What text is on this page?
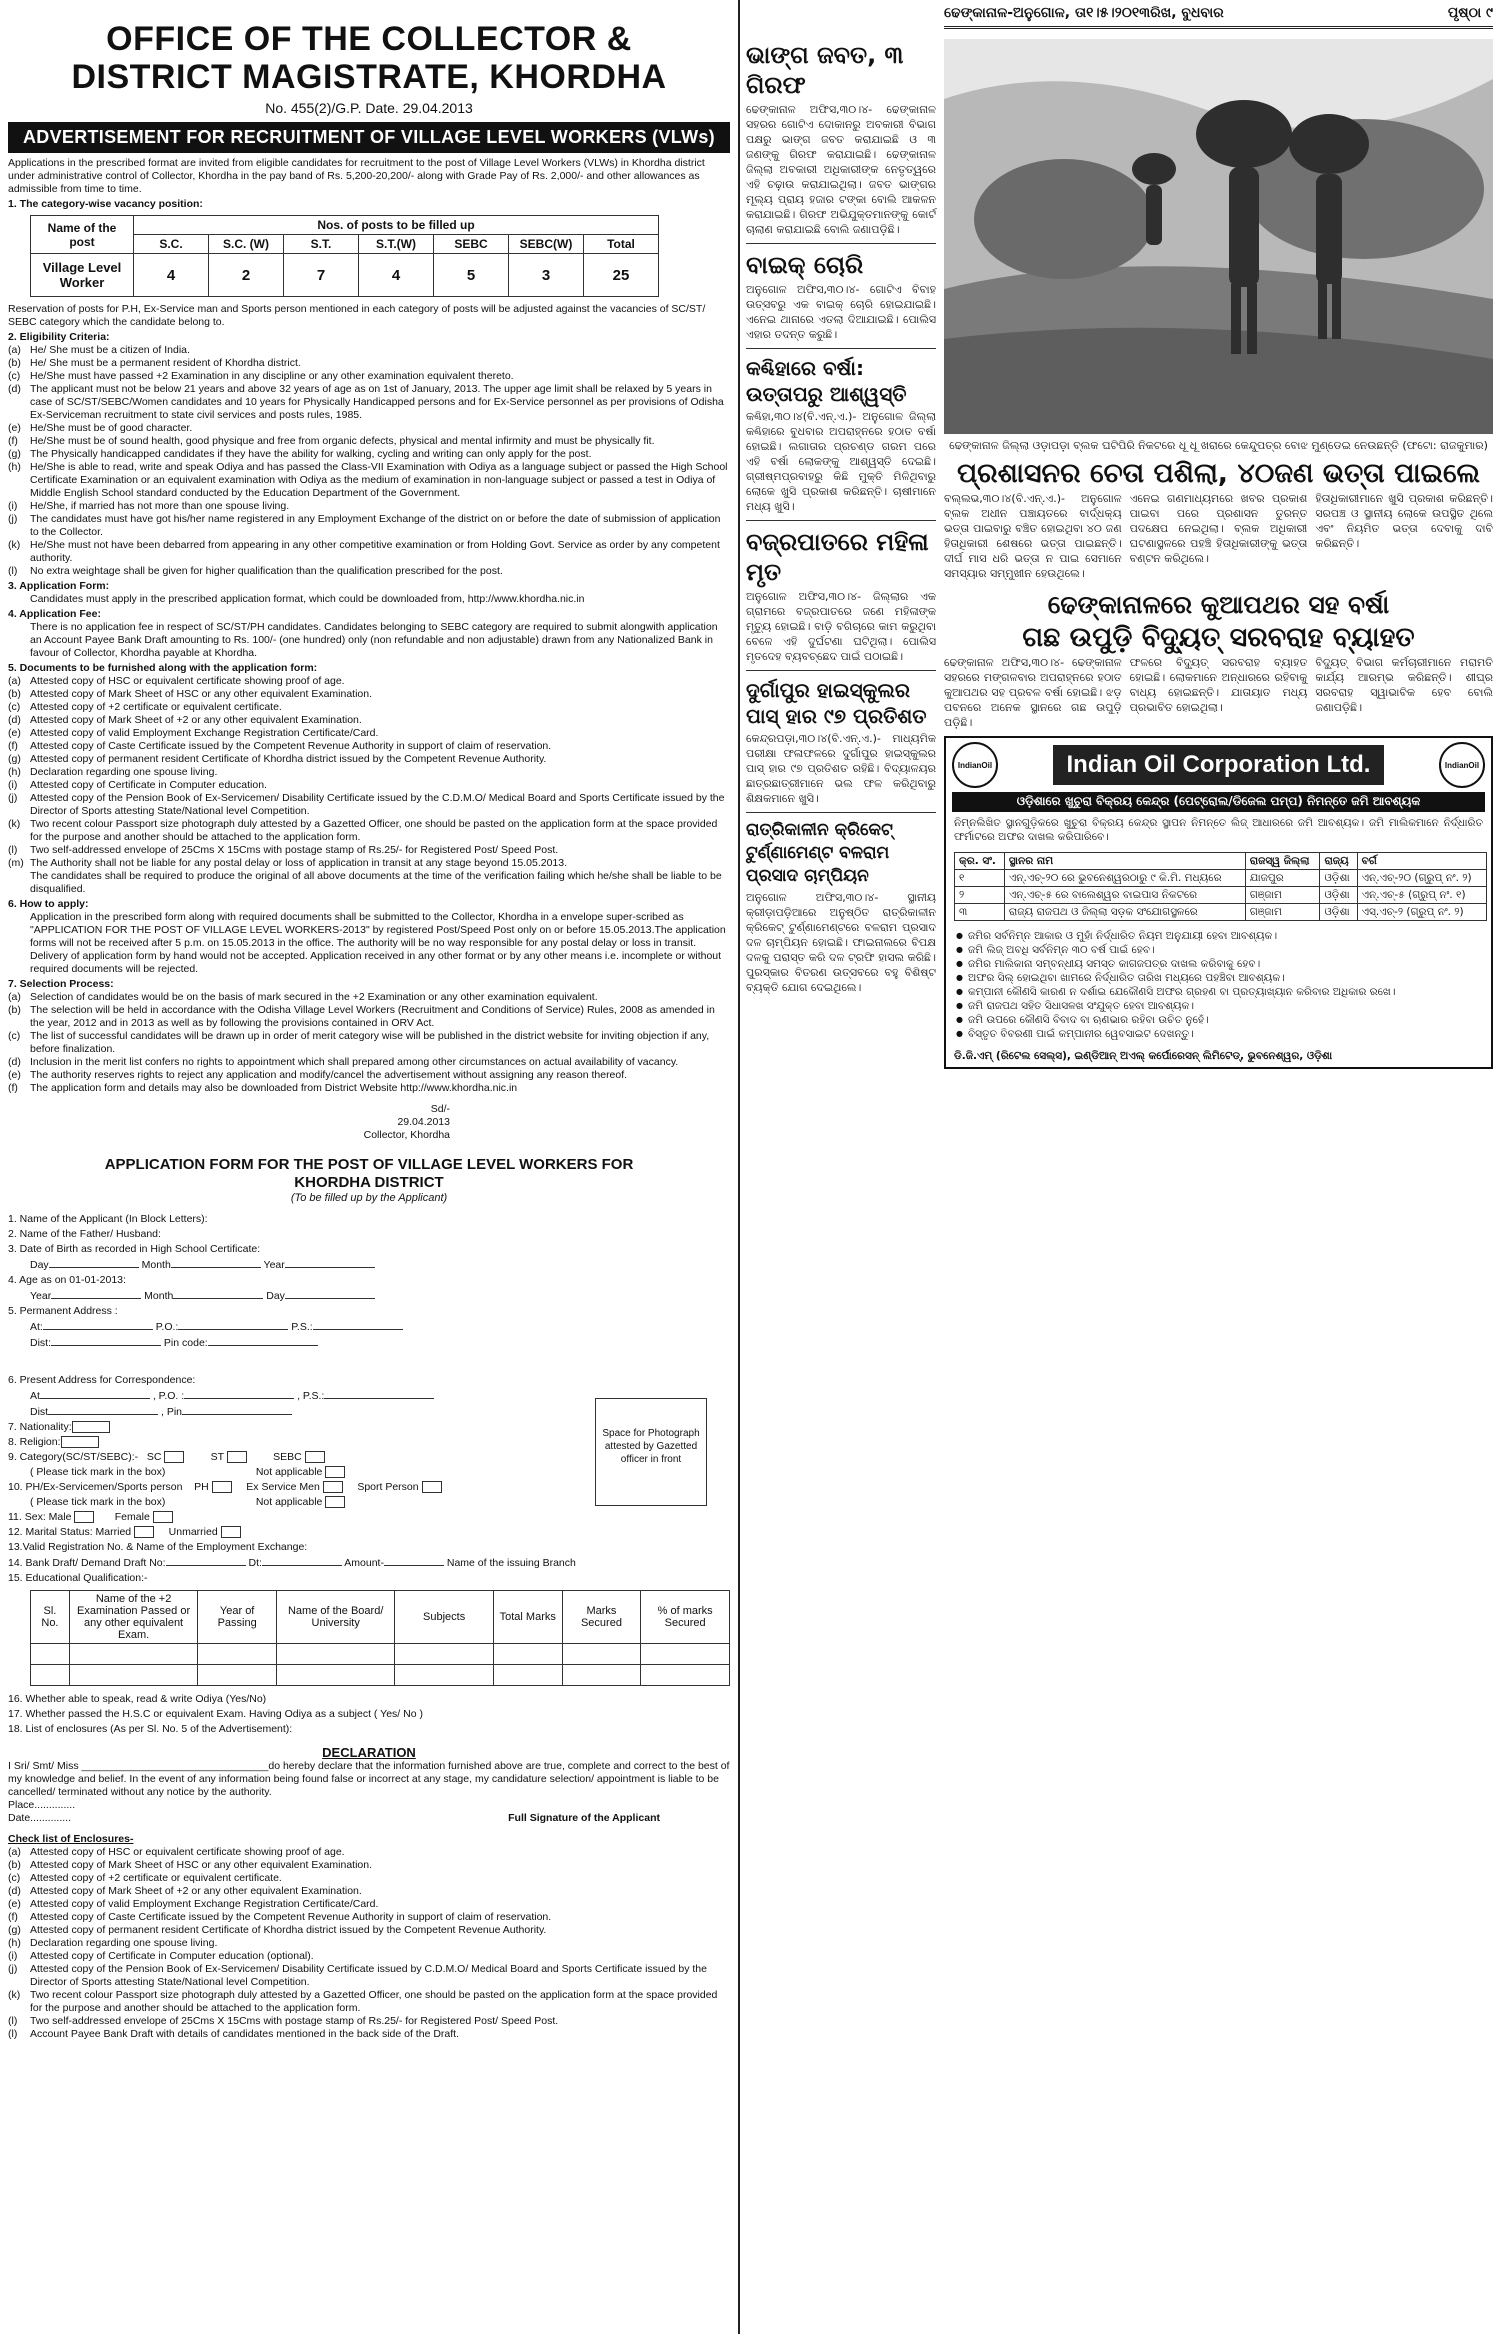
OFFICE OF THE COLLECTOR &
DISTRICT MAGISTRATE, KHORDHA
No. 455(2)/G.P. Date. 29.04.2013
ADVERTISEMENT FOR RECRUITMENT OF VILLAGE LEVEL WORKERS (VLWs)

Applications in the prescribed format are invited from eligible candidates for recruitment to the post of Village Level Workers (VLWs) in Khordha district under administrative control of Collector, Khordha in the pay band of Rs. 5,200-20,200/- along with Grade Pay of Rs. 2,000/- and other allowances as admissible from time to time.

1. The category-wise vacancy position:
Name of the post	Nos. of posts to be filled up						
	S.C.	S.C. (W)	S.T.	S.T.(W)	SEBC	SEBC(W)	Total
Village Level Worker	4	2	7	4	5	3	25

Reservation of posts for P.H, Ex-Service man and Sports person mentioned in each category of posts will be adjusted against the vacancies of SC/ST/ SEBC category which the candidate belong to.

2. Eligibility Criteria:
(a) He/ She must be a citizen of India.
(b) He/ She must be a permanent resident of Khordha district.
(c) He/She must have passed +2 Examination in any discipline or any other examination equivalent thereto.
(d) The applicant must not be below 21 years and above 32 years of age as on 1st of January, 2013. The upper age limit shall be relaxed by 5 years in case of SC/ST/SEBC/Women candidates and 10 years for Physically Handicapped persons and for Ex-Service personnel as per provisions of Odisha Ex-Serviceman recruitment to state civil services and posts rules, 1985.
(e) He/She must be of good character.
(f)	He/She must be of sound health, good physique and free from organic defects, physical and mental infirmity and must be physically fit.
(g) The Physically handicapped candidates if they have the ability for walking, cycling and writing can only apply for the post.
(h) He/She is able to read, write and speak Odiya and has passed the Class-VII Examination with Odiya as a language subject or passed the High School Certificate Examination or an equivalent examination with Odiya as the medium of examination in non-language subject or passed a test in Odiya of Middle English School standard conducted by the Education Department of the Government.
(i)	He/She, if married has not more than one spouse living.
(j)	The candidates must have got his/her name registered in any Employment Exchange of the district on or before the date of submission of application to the Collector.
(k) He/She must not have been debarred from appearing in any other competitive examination or from Holding Govt. Service as order by any competent authority.
(l)	No extra weightage shall be given for higher qualification than the qualification prescribed for the post.
3. Application Form:
Candidates must apply in the prescribed application format, which could be downloaded from, http://www.khordha.nic.in
4. Application Fee:
There is no application fee in respect of SC/ST/PH candidates. Candidates belonging to SEBC category are required to submit alongwith application an Account Payee Bank Draft amounting to Rs. 100/- (one hundred) only (non refundable and non adjustable) drawn from any Nationalized Bank in favour of Collector, Khordha payable at Khordha.
5. Documents to be furnished along with the application form:
(a) Attested copy of HSC or equivalent certificate showing proof of age.
(b) Attested copy of Mark Sheet of HSC or any other equivalent Examination.
(c) Attested copy of +2 certificate or equivalent certificate.
(d) Attested copy of Mark Sheet of +2 or any other equivalent Examination.
(e) Attested copy of valid Employment Exchange Registration Certificate/Card.
(f)	Attested copy of Caste Certificate issued by the Competent Revenue Authority in support of claim of reservation.
(g) Attested copy of permanent resident Certificate of Khordha district issued by the Competent Revenue Authority.
(h) Declaration regarding one spouse living.
(i)	Attested copy of Certificate in Computer education.
(j)	Attested copy of the Pension Book of Ex-Servicemen/ Disability Certificate issued by the C.D.M.O/ Medical Board and Sports Certificate issued by the Director of Sports attesting State/National level Competition.
(k) Two recent colour Passport size photograph duly attested by a Gazetted Officer, one should be pasted on the application form at the space provided for the purpose and another should be attached to the application form.
(l)	Two self-addressed envelope of 25Cms X 15Cms with postage stamp of Rs.25/- for Registered Post/ Speed Post.
(m) The Authority shall not be liable for any postal delay or loss of application in transit at any stage beyond 15.05.2013.
The candidates shall be required to produce the original of all above documents at the time of the verification failing which he/she shall be liable to be disqualified.
6. How to apply:
Application in the prescribed form along with required documents shall be submitted to the Collector, Khordha in a envelope super-scribed as "APPLICATION FOR THE POST OF VILLAGE LEVEL WORKERS-2013" by registered Post/Speed Post only on or before 15.05.2013.The application forms will not be received after 5 p.m. on 15.05.2013 in the office. The authority will be no way responsible for any postal delay or loss in transit. Delivery of application form by hand would not be accepted. Application received in any other format or by any other means i.e. incomplete or without required documents will be rejected.
7. Selection Process:
(a) Selection of candidates would be on the basis of mark secured in the +2 Examination or any other examination equivalent.
(b) The selection will be held in accordance with the Odisha Village Level Workers (Recruitment and Conditions of Service) Rules, 2008 as amended in the year, 2012 and in 2013 as well as by following the provisions contained in ORV Act.
(c) The list of successful candidates will be drawn up in order of merit category wise will be published in the district website for inviting objection if any, before finalization.
(d) Inclusion in the merit list confers no rights to appointment which shall prepared among other circumstances on actual availability of vacancy.
(e) The authority reserves rights to reject any application and modify/cancel the advertisement without assigning any reason thereof.
(f)	The application form and details may also be downloaded from District Website http://www.khordha.nic.in
Sd/-
29.04.2013
Collector, Khordha
APPLICATION FORM FOR THE POST OF VILLAGE LEVEL WORKERS FOR
KHORDHA DISTRICT
(To be filled up by the Applicant)
1. Name of the Applicant (In Block Letters):
2. Name of the Father/ Husband:
3. Date of Birth as recorded in High School Certificate:
Day	Month	Year
4. Age as on 01-01-2013:
Year	Month	Day
5. Permanent Address :
At:	P.O.:	P.S.:
Dist:	Pin code:
6. Present Address for Correspondence:
At	, P.O. :	, P.S.:
Dist	, Pin
7. Nationality:
8. Religion:
9. Category(SC/ST/SEBC):- SC	ST	SEBC
( Please tick mark in the box)	Not applicable
10. PH/Ex-Servicemen/Sports person PH	Ex Service Men	Sport Person
( Please tick mark in the box)	Not applicable
11. Sex: Male	Female
12. Marital Status: Married	Unmarried
13.Valid Registration No. & Name of the Employment Exchange:
14. Bank Draft/ Demand Draft No:	Dt:	Amount-	Name of the issuing Branch
15. Educational Qualification:-
Space for Photograph attested by Gazetted officer in front
Sl. No.	Name of the +2 Examination Passed or any other equivalent Exam.	Year of Passing	Name of the Board/ University	Subjects	Total Marks	Marks Secured	% of marks Secured

16. Whether able to speak, read & write Odiya (Yes/No)
17. Whether passed the H.S.C or equivalent Exam. Having Odiya as a subject ( Yes/ No )
18. List of enclosures (As per Sl. No. 5 of the Advertisement):
DECLARATION

I Sri/ Smt/ Miss ________________________________do hereby declare that the information furnished above are true, complete and correct to the best of my knowledge and belief. In the event of any information being found false or incorrect at any stage, my candidature selection/ appointment is liable to be cancelled/ terminated without any notice by the authority.

Place..............
Date..............	Full Signature of the Applicant
Check list of Enclosures-
(a) Attested copy of HSC or equivalent certificate showing proof of age.
(b) Attested copy of Mark Sheet of HSC or any other equivalent Examination.
(c) Attested copy of +2 certificate or equivalent certificate.
(d) Attested copy of Mark Sheet of +2 or any other equivalent Examination.
(e) Attested copy of valid Employment Exchange Registration Certificate/Card.
(f)	Attested copy of Caste Certificate issued by the Competent Revenue Authority in support of claim of reservation.
(g) Attested copy of permanent resident Certificate of Khordha district issued by the Competent Revenue Authority.
(h) Declaration regarding one spouse living.
(i)	Attested copy of Certificate in Computer education (optional).
(j)	Attested copy of the Pension Book of Ex-Servicemen/ Disability Certificate issued by C.D.M.O/ Medical Board and Sports Certificate issued by the Director of Sports attesting State/National level Competition.
(k) Two recent colour Passport size photograph duly attested by a Gazetted Officer, one should be pasted on the application form at the space provided for the purpose and another should be attached to the application form.
(l)	Two self-addressed envelope of 25Cms X 15Cms with postage stamp of Rs.25/- for Registered Post/ Speed Post.
(l)	Account Payee Bank Draft with details of candidates mentioned in the back side of the Draft.
ଭାଙ୍ଗ ଜବତ, ୩ ଗିରଫ

ଢେଙ୍କାନାଳ ଅଫିସ,୩୦।୪- ଢେଙ୍କାନାଳ ସହରର ଗୋଟିଏ ଦୋକାନରୁ ଅବକାରୀ ବିଭାଗ ପକ୍ଷରୁ ଭାଙ୍ଗ ଜବତ କରାଯାଇଛି ଓ ୩ ଜଣଙ୍କୁ ଗିରଫ କରାଯାଇଛି। ଢେଙ୍କାନାଳ ଜିଲ୍ଲା ଅବକାରୀ ଅଧିକାରୀଙ୍କ ନେତୃତ୍ୱରେ ଏହି ଚଢ଼ାଉ କରାଯାଇଥିଲା। ଜବତ ଭାଙ୍ଗର ମୂଲ୍ୟ ପ୍ରାୟ ହଜାର ଟଙ୍କା ବୋଲି ଆକଳନ କରାଯାଇଛି। ଗିରଫ ଅଭିଯୁକ୍ତମାନଙ୍କୁ କୋର୍ଟ ଚାଲାଣ କରାଯାଇଛି ବୋଲି ଜଣାପଡ଼ିଛି।

ବାଇକ୍ ଚୋରି

ଅନୁଗୋଳ ଅଫିସ,୩୦।୪- ଗୋଟିଏ ବିବାହ ଉତ୍ସବରୁ ଏକ ବାଇକ୍ ଚୋରି ହୋଇଯାଇଛି। ଏନେଇ ଥାନାରେ ଏତଲା ଦିଆଯାଇଛି। ପୋଲିସ ଏହାର ତଦନ୍ତ କରୁଛି।

କଣ୍ଢିହାରେ ବର୍ଷା: ଉତ୍ତାପରୁ ଆଶ୍ୱସ୍ତି

କଣ୍ଢିହା,୩୦।୪(ବି.ଏନ୍.ଏ.)- ଅନୁଗୋଳ ଜିଲ୍ଲା କଣ୍ଢିହାରେ ବୁଧବାର ଅପରାହ୍ନରେ ହଠାତ ବର୍ଷା ହୋଇଛି। ଲଗାତାର ପ୍ରଚଣ୍ଡ ଗରମ ପରେ ଏହି ବର୍ଷା ଲୋକଙ୍କୁ ଆଶ୍ୱସ୍ତି ଦେଇଛି। ଗ୍ରୀଷ୍ମପ୍ରବାହରୁ କିଛି ମୁକ୍ତି ମିଳିଥିବାରୁ ଲୋକେ ଖୁସି ପ୍ରକାଶ କରିଛନ୍ତି। ଚାଷୀମାନେ ମଧ୍ୟ ଖୁସି।

ବଜ୍ରପାତରେ ମହିଳା ମୃତ

ଅନୁଗୋଳ ଅଫିସ,୩୦।୪- ଜିଲ୍ଲାର ଏକ ଗ୍ରାମରେ ବଜ୍ରପାତରେ ଜଣେ ମହିଳାଙ୍କ ମୃତ୍ୟୁ ହୋଇଛି। ବାଡ଼ି ବଗିଚାରେ କାମ କରୁଥିବା ବେଳେ ଏହି ଦୁର୍ଘଟଣା ଘଟିଥିଲା। ପୋଲିସ ମୃତଦେହ ବ୍ୟବଚ୍ଛେଦ ପାଇଁ ପଠାଇଛି।

ଦୁର୍ଗାପୁର ହାଇସ୍କୁଲର ପାସ୍ ହାର ୯୭ ପ୍ରତିଶତ

କେନ୍ଦ୍ରପଡ଼ା,୩୦।୪(ବି.ଏନ୍.ଏ.)- ମାଧ୍ୟମିକ ପରୀକ୍ଷା ଫଳାଫଳରେ ଦୁର୍ଗାପୁର ହାଇସ୍କୁଲର ପାସ୍ ହାର ୯୭ ପ୍ରତିଶତ ରହିଛି। ବିଦ୍ୟାଳୟର ଛାତ୍ରଛାତ୍ରୀମାନେ ଭଲ ଫଳ କରିଥିବାରୁ ଶିକ୍ଷକମାନେ ଖୁସି।

ରାତ୍ରିକାଳୀନ କ୍ରିକେଟ୍ ଟୁର୍ଣ୍ଣାମେଣ୍ଟ ବଳରାମ ପ୍ରସାଦ ଚାମ୍ପିୟନ

ଅନୁଗୋଳ ଅଫିସ,୩୦।୪- ସ୍ଥାନୀୟ କ୍ରୀଡ଼ାପଡ଼ିଆରେ ଅନୁଷ୍ଠିତ ରାତ୍ରିକାଳୀନ କ୍ରିକେଟ୍ ଟୁର୍ଣ୍ଣାମେଣ୍ଟରେ ବଳରାମ ପ୍ରସାଦ ଦଳ ଚାମ୍ପିୟନ ହୋଇଛି। ଫାଇନାଲରେ ବିପକ୍ଷ ଦଳକୁ ପରାସ୍ତ କରି ଦଳ ଟ୍ରଫି ହାସଲ କରିଛି। ପୁରସ୍କାର ବିତରଣ ଉତ୍ସବରେ ବହୁ ବିଶିଷ୍ଟ ବ୍ୟକ୍ତି ଯୋଗ ଦେଇଥିଲେ।

ଢେଙ୍କାନାଳ-ଅନୁଗୋଳ, ତା୧।୫।୨୦୧୩ରିଖ, ବୁଧବାର	ପୃଷ୍ଠା ୯
ଢେଙ୍କାନାଳ ଜିଲ୍ଲା ଓଡ଼ାପଡ଼ା ବ୍ଲକ ଘଟିପିରି ନିକଟରେ ଧୂ ଧୂ ଖରାରେ କେନ୍ଦୁପତ୍ର ବୋଝ ମୁଣ୍ଡେଇ ନେଉଛନ୍ତି (ଫଟୋ: ରାଜକୁମାର)
ପ୍ରଶାସନର ଚେତା ପଶିଲା, ୪୦ଜଣ ଭତ୍ତା ପାଇଲେ
ବଲ୍ଲଭ,୩୦।୪(ବି.ଏନ୍.ଏ.)- ଅନୁଗୋଳ ବ୍ଲକ ଅଧୀନ ପଞ୍ଚାୟତରେ ବାର୍ଦ୍ଧକ୍ୟ ଭତ୍ତା ପାଇବାରୁ ବଞ୍ଚିତ ହୋଇଥିବା ୪୦ ଜଣ ହିତାଧିକାରୀ ଶେଷରେ ଭତ୍ତା ପାଇଛନ୍ତି। ଦୀର୍ଘ ମାସ ଧରି ଭତ୍ତା ନ ପାଇ ସେମାନେ ସମସ୍ୟାର ସମ୍ମୁଖୀନ ହେଉଥିଲେ।
ଏନେଇ ଗଣମାଧ୍ୟମରେ ଖବର ପ୍ରକାଶ ପାଇବା ପରେ ପ୍ରଶାସନ ତୁରନ୍ତ ପଦକ୍ଷେପ ନେଇଥିଲା। ବ୍ଲକ ଅଧିକାରୀ ଘଟଣାସ୍ଥଳରେ ପହଞ୍ଚି ହିତାଧିକାରୀଙ୍କୁ ଭତ୍ତା ବଣ୍ଟନ କରିଥିଲେ।
ହିତାଧିକାରୀମାନେ ଖୁସି ପ୍ରକାଶ କରିଛନ୍ତି। ସରପଞ୍ଚ ଓ ସ୍ଥାନୀୟ ଲୋକେ ଉପସ୍ଥିତ ଥିଲେ ଏବଂ ନିୟମିତ ଭତ୍ତା ଦେବାକୁ ଦାବି କରିଛନ୍ତି।
ଢେଙ୍କାନାଳରେ କୁଆପଥର ସହ ବର୍ଷା
ଗଛ ଉପୁଡ଼ି ବିଦ୍ୟୁତ୍ ସରବରାହ ବ୍ୟାହତ
ଢେଙ୍କାନାଳ ଅଫିସ,୩୦।୪- ଢେଙ୍କାନାଳ ସହରରେ ମଙ୍ଗଳବାର ଅପରାହ୍ନରେ ହଠାତ କୁଆପଥର ସହ ପ୍ରବଳ ବର୍ଷା ହୋଇଛି। ଝଡ଼ ପବନରେ ଅନେକ ସ୍ଥାନରେ ଗଛ ଉପୁଡ଼ି ପଡ଼ିଛି।
ଫଳରେ ବିଦ୍ୟୁତ୍ ସରବରାହ ବ୍ୟାହତ ହୋଇଛି। ଲୋକମାନେ ଅନ୍ଧାରରେ ରହିବାକୁ ବାଧ୍ୟ ହୋଇଛନ୍ତି। ଯାତାୟାତ ମଧ୍ୟ ପ୍ରଭାବିତ ହୋଇଥିଲା।
ବିଦ୍ୟୁତ୍ ବିଭାଗ କର୍ମଚାରୀମାନେ ମରାମତି କାର୍ଯ୍ୟ ଆରମ୍ଭ କରିଛନ୍ତି। ଶୀଘ୍ର ସରବରାହ ସ୍ୱାଭାବିକ ହେବ ବୋଲି ଜଣାପଡ଼ିଛି।
IndianOil	Indian Oil Corporation Ltd.	IndianOil
ଓଡ଼ିଶାରେ ଖୁଚୁରା ବିକ୍ରୟ କେନ୍ଦ୍ର (ପେଟ୍ରୋଲ/ଡିଜେଲ ପମ୍ପ) ନିମନ୍ତେ ଜମି ଆବଶ୍ୟକ

ନିମ୍ନଲିଖିତ ସ୍ଥାନଗୁଡ଼ିକରେ ଖୁଚୁରା ବିକ୍ରୟ କେନ୍ଦ୍ର ସ୍ଥାପନ ନିମନ୍ତେ ଲିଜ୍ ଆଧାରରେ ଜମି ଆବଶ୍ୟକ। ଜମି ମାଲିକମାନେ ନିର୍ଦ୍ଧାରିତ ଫର୍ମାଟରେ ଅଫର ଦାଖଲ କରିପାରିବେ।

କ୍ର. ସଂ.	ସ୍ଥାନର ନାମ	ରାଜସ୍ୱ ଜିଲ୍ଲା	ରାଜ୍ୟ	ବର୍ଗ
୧	ଏନ୍.ଏଚ୍-୨୦ ରେ ଭୁବନେଶ୍ୱରଠାରୁ ୯ କି.ମି. ମଧ୍ୟରେ	ଯାଜପୁର	ଓଡ଼ିଶା	ଏନ୍.ଏଚ୍-୨୦ (ଗ୍ରୁପ୍ ନଂ. ୨)
୨	ଏନ୍.ଏଚ୍-୫ ରେ ବାଲେଶ୍ୱର ବାଇପାସ ନିକଟରେ	ଗଞ୍ଜାମ	ଓଡ଼ିଶା	ଏନ୍.ଏଚ୍-୫ (ଗ୍ରୁପ୍ ନଂ. ୧)
୩	ରାଜ୍ୟ ରାଜପଥ ଓ ଜିଲ୍ଲା ସଡ଼କ ସଂଯୋଗସ୍ଥଳରେ	ଗଞ୍ଜାମ	ଓଡ଼ିଶା	ଏସ୍.ଏଚ୍-୨ (ଗ୍ରୁପ୍ ନଂ. ୨)
● ଜମିର ସର୍ବନିମ୍ନ ଆକାର ଓ ମୁହାଁ ନିର୍ଦ୍ଧାରିତ ନିୟମ ଅନୁଯାୟୀ ହେବା ଆବଶ୍ୟକ।
● ଜମି ଲିଜ୍ ଅବଧି ସର୍ବନିମ୍ନ ୩୦ ବର୍ଷ ପାଇଁ ହେବ।
● ଜମିର ମାଲିକାନା ସମ୍ବନ୍ଧୀୟ ସମସ୍ତ କାଗଜପତ୍ର ଦାଖଲ କରିବାକୁ ହେବ।
● ଅଫର ସିଲ୍ ହୋଇଥିବା ଖାମରେ ନିର୍ଦ୍ଧାରିତ ତାରିଖ ମଧ୍ୟରେ ପହଞ୍ଚିବା ଆବଶ୍ୟକ।
● କମ୍ପାନୀ କୌଣସି କାରଣ ନ ଦର୍ଶାଇ ଯେକୌଣସି ଅଫର ଗ୍ରହଣ ବା ପ୍ରତ୍ୟାଖ୍ୟାନ କରିବାର ଅଧିକାର ରଖେ।
● ଜମି ରାଜପଥ ସହିତ ସିଧାସଳଖ ସଂଯୁକ୍ତ ହେବା ଆବଶ୍ୟକ।
● ଜମି ଉପରେ କୌଣସି ବିବାଦ ବା ଋଣଭାର ରହିବା ଉଚିତ ନୁହେଁ।
● ବିସ୍ତୃତ ବିବରଣୀ ପାଇଁ କମ୍ପାନୀର ୱେବସାଇଟ ଦେଖନ୍ତୁ।

ଡି.ଜି.ଏମ୍ (ରିଟେଲ ସେଲ୍ସ), ଇଣ୍ଡିଆନ୍ ଅଏଲ୍ କର୍ପୋରେସନ୍ ଲିମିଟେଡ୍, ଭୁବନେଶ୍ୱର, ଓଡ଼ିଶା
